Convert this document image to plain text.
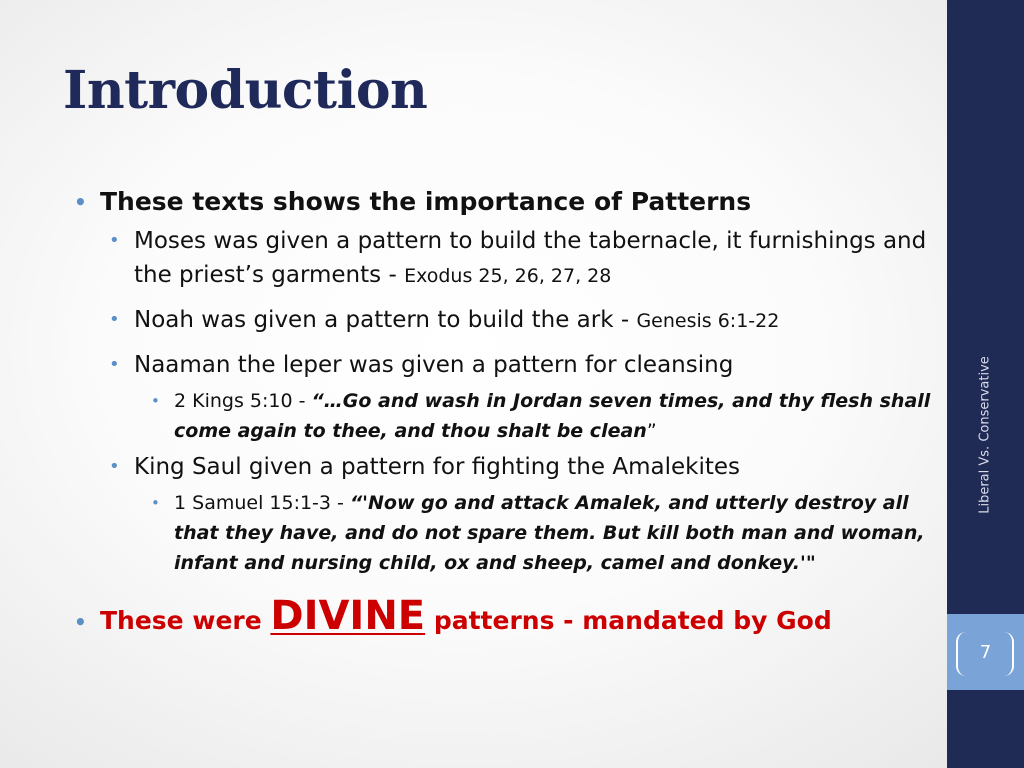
Introduction

• These texts shows the importance of Patterns

• Moses was given a pattern to build the tabernacle, it furnishings and the priest’s garments - Exodus 25, 26, 27, 28

• Noah was given a pattern to build the ark - Genesis 6:1-22

• Naaman the leper was given a pattern for cleansing

• 2 Kings 5:10 - “…Go and wash in Jordan seven times, and thy flesh shall come again to thee, and thou shalt be clean”

• King Saul given a pattern for fighting the Amalekites

• 1 Samuel 15:1-3 - “'Now go and attack Amalek, and utterly destroy all that they have, and do not spare them. But kill both man and woman, infant and nursing child, ox and sheep, camel and donkey.'"

• These were DIVINE patterns - mandated by God

Liberal Vs. Conservative
7
